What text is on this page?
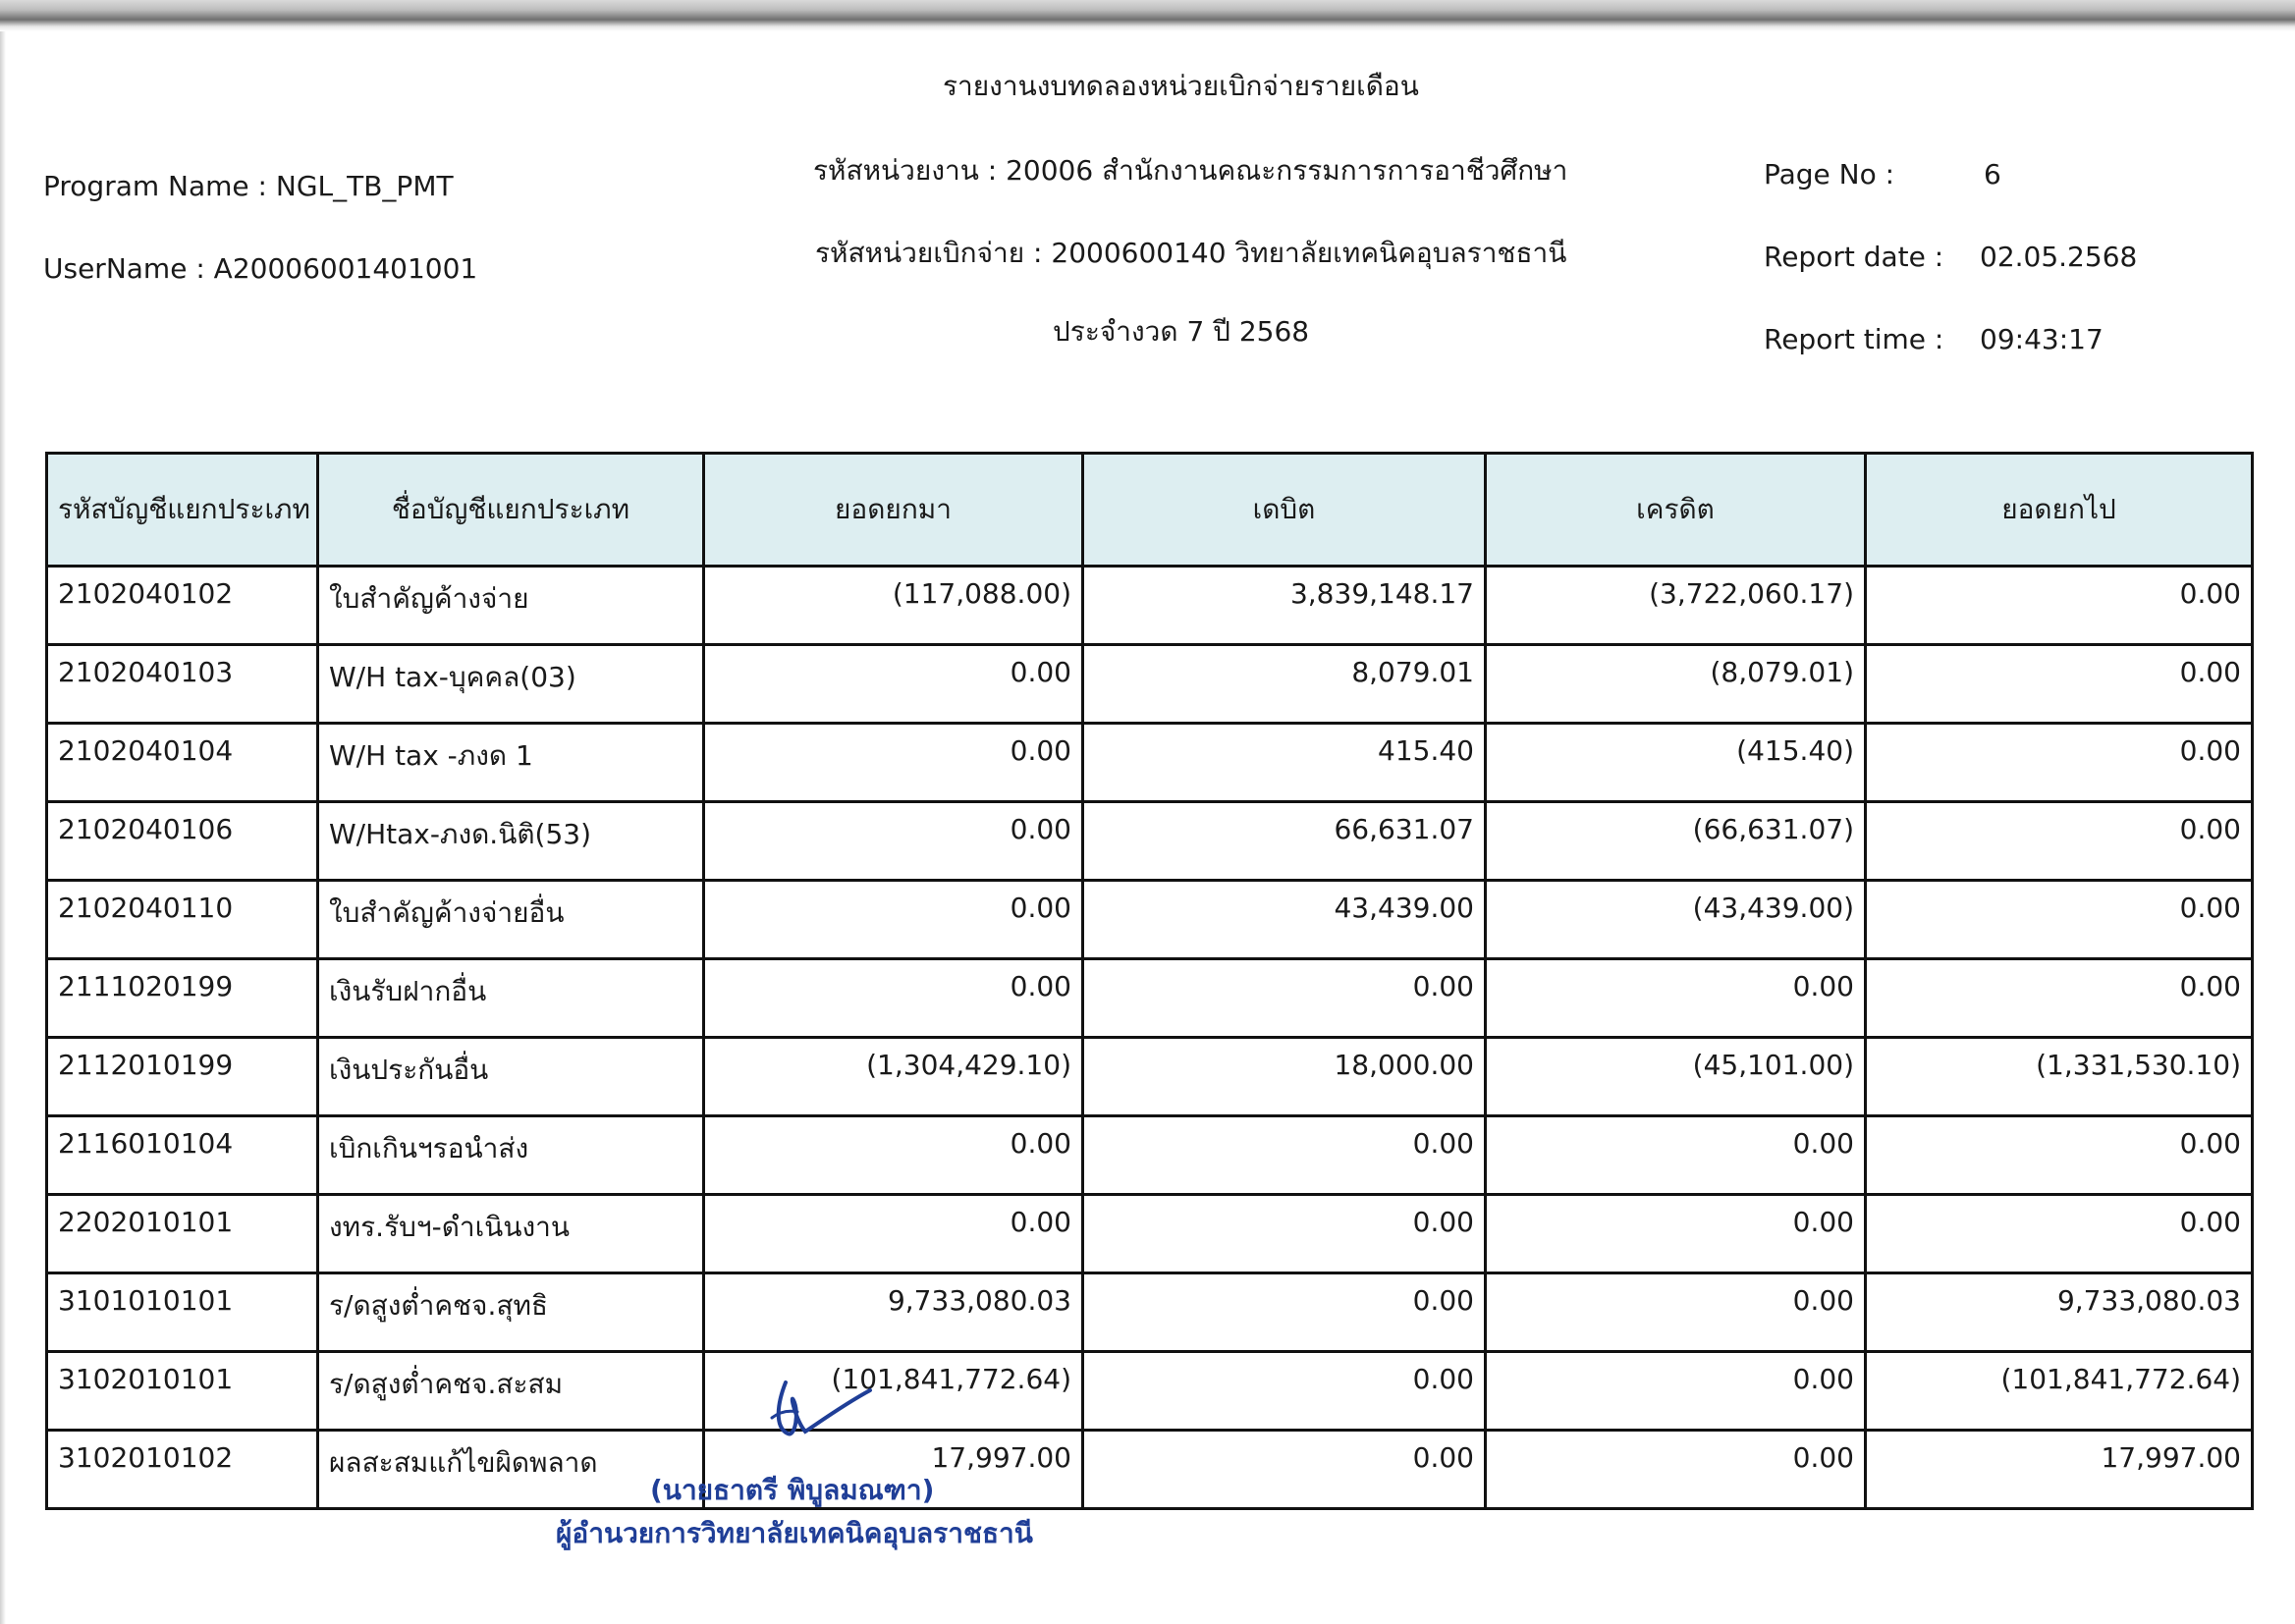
รายงานงบทดลองหน่วยเบิกจ่ายรายเดือน
Program Name : NGL_TB_PMT
UserName : A20006001401001
รหัสหน่วยงาน : 20006 สำนักงานคณะกรรมการการอาชีวศึกษา
รหัสหน่วยเบิกจ่าย : 2000600140 วิทยาลัยเทคนิคอุบลราชธานี
ประจำงวด 7 ปี 2568
Page No :	6
Report date : 02.05.2568
Report time : 09:43:17
รหัสบัญชีแยกประเภท	ชื่อบัญชีแยกประเภท	ยอดยกมา	เดบิต	เครดิต	ยอดยกไป
2102040102	ใบสำคัญค้างจ่าย	(117,088.00)	3,839,148.17	(3,722,060.17)	0.00
2102040103	W/H tax-บุคคล(03)	0.00	8,079.01	(8,079.01)	0.00
2102040104	W/H tax -ภงด 1	0.00	415.40	(415.40)	0.00
2102040106	W/Htax-ภงด.นิติ(53)	0.00	66,631.07	(66,631.07)	0.00
2102040110	ใบสำคัญค้างจ่ายอื่น	0.00	43,439.00	(43,439.00)	0.00
2111020199	เงินรับฝากอื่น	0.00	0.00	0.00	0.00
2112010199	เงินประกันอื่น	(1,304,429.10)	18,000.00	(45,101.00)	(1,331,530.10)
2116010104	เบิกเกินฯรอนำส่ง	0.00	0.00	0.00	0.00
2202010101	งทร.รับฯ-ดำเนินงาน	0.00	0.00	0.00	0.00
3101010101	ร/ดสูงต่ำคชจ.สุทธิ	9,733,080.03	0.00	0.00	9,733,080.03
3102010101	ร/ดสูงต่ำคชจ.สะสม	(101,841,772.64)	0.00	0.00	(101,841,772.64)
3102010102	ผลสะสมแก้ไขผิดพลาด	17,997.00	0.00	0.00	17,997.00
(นายธาตรี พิบูลมณฑา)
ผู้อำนวยการวิทยาลัยเทคนิคอุบลราชธานี
